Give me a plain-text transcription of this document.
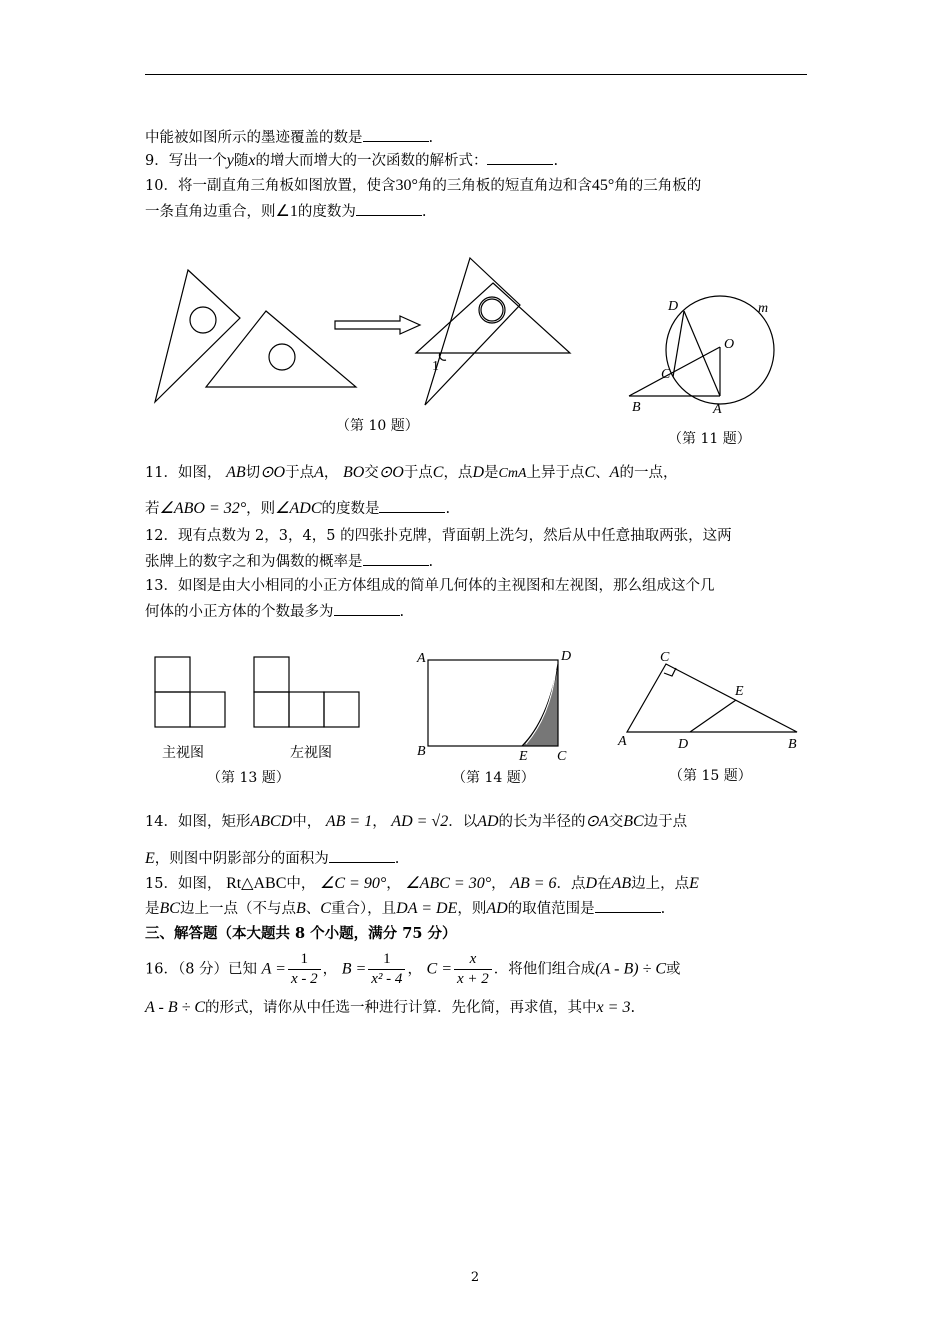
中能被如图所示的墨迹覆盖的数是	.
9．写出一个y随x的增大而增大的一次函数的解析式：	.
10．将一副直角三角板如图放置，使含30°角的三角板的短直角边和含45°角的三角板的
一条直角边重合，则∠1的度数为	.
1
（第 10 题）
D	m
O
C
B	A
（第 11 题）
11．如图， AB切⊙O于点A， BO交⊙O于点C，点D是CmA上异于点C、A的一点，
若∠ABO = 32°，则∠ADC的度数是	.
12．现有点数为 2，3，4，5 的四张扑克牌，背面朝上洗匀，然后从中任意抽取两张，这两
张牌上的数字之和为偶数的概率是	.
13．如图是由大小相同的小正方体组成的简单几何体的主视图和左视图，那么组成这个几
何体的小正方体的个数最多为	.
主视图	左视图
（第 13 题）
A	D
B	E C
（第 14 题）
C
E
A	D	B
（第 15 题）
14．如图，矩形ABCD中， AB = 1， AD = √2．以AD的长为半径的⊙A交BC边于点
E，则图中阴影部分的面积为	.
15．如图， Rt△ABC中， ∠C = 90°， ∠ABC = 30°， AB = 6．点D在AB边上，点E
是BC边上一点（不与点B、C重合），且DA = DE，则AD的取值范围是	.
三、解答题（本大题共 8 个小题，满分 75 分）
16．（8 分）已知 $A = \frac{1}{x - 2}$ ， $B = \frac{1}{\text{x² - 4}}$ ， $C = \frac{x}{x + 2}$ ．将他们组合成(A - B) ÷ C或
A - B ÷ C的形式，请你从中任选一种进行计算．先化简，再求值，其中x = 3.
2
